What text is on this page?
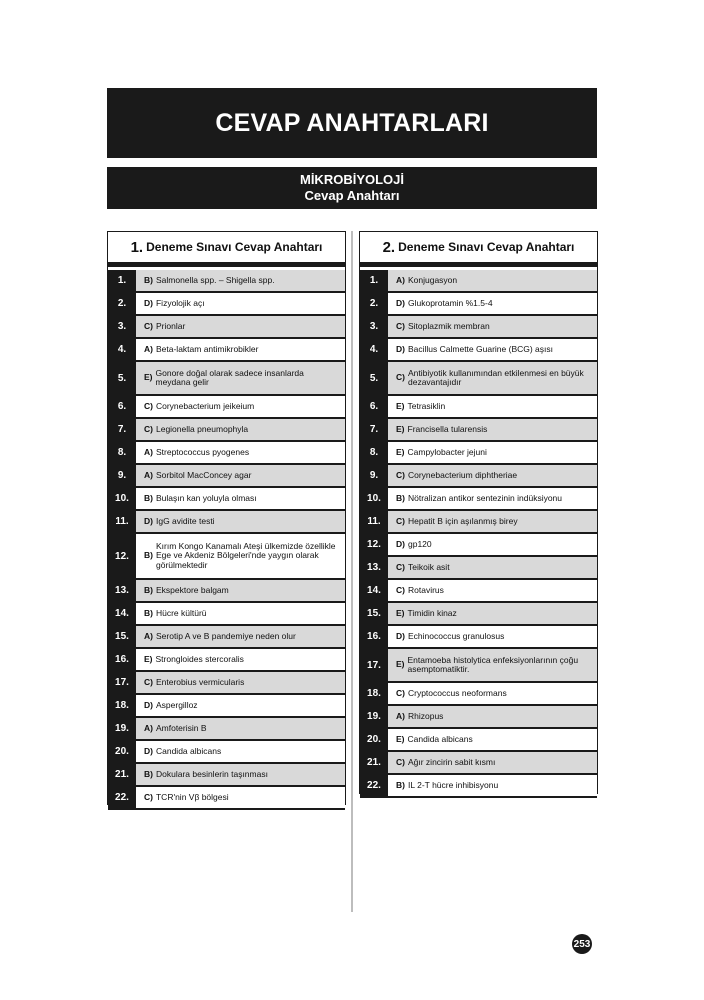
CEVAP ANAHTARLARI
MİKROBİYOLOJİ
Cevap Anahtarı
1. Deneme Sınavı Cevap Anahtarı
1.	B) Salmonella spp. – Shigella spp.
2.	D) Fizyolojik açı
3.	C) Prionlar
4.	A) Beta-laktam antimikrobikler
5.	E) Gonore doğal olarak sadece insanlarda meydana gelir
6.	C) Corynebacterium jeikeium
7.	C) Legionella pneumophyla
8.	A) Streptococcus pyogenes
9.	A) Sorbitol MacConcey agar
10.	B) Bulaşın kan yoluyla olması
11.	D) IgG avidite testi
12.	B)
Kırım Kongo Kanamalı Ateşi ülkemizde özellikle Ege ve Akdeniz Bölgeleri'nde yaygın olarak görülmektedir
13.	B) Ekspektore balgam
14.	B) Hücre kültürü
15.	A) Serotip A ve B pandemiye neden olur
16.	E) Strongloides stercoralis
17.	C) Enterobius vermicularis
18.	D) Aspergilloz
19.	A) Amfoterisin B
20.	D) Candida albicans
21.	B) Dokulara besinlerin taşınması
22.	C) TCR'nin Vβ bölgesi
2. Deneme Sınavı Cevap Anahtarı
1.	A) Konjugasyon
2.	D) Glukoprotamin %1.5-4
3.	C) Sitoplazmik membran
4.	D) Bacillus Calmette Guarine (BCG) aşısı
5.	C) Antibiyotik kullanımından etkilenmesi en büyük dezavantajıdır
6.	E) Tetrasiklin
7.	E) Francisella tularensis
8.	E) Campylobacter jejuni
9.	C) Corynebacterium diphtheriae
10.	B) Nötralizan antikor sentezinin indüksiyonu
11.	C) Hepatit B için aşılanmış birey
12.	D) gp120
13.	C) Teikoik asit
14.	C) Rotavirus
15.	E) Timidin kinaz
16.	D) Echinococcus granulosus
17.	E) Entamoeba histolytica enfeksiyonlarının çoğu asemptomatiktir.
18.	C) Cryptococcus neoformans
19.	A) Rhizopus
20.	E) Candida albicans
21.	C) Ağır zincirin sabit kısmı
22.	B) IL 2-T hücre inhibisyonu
253
